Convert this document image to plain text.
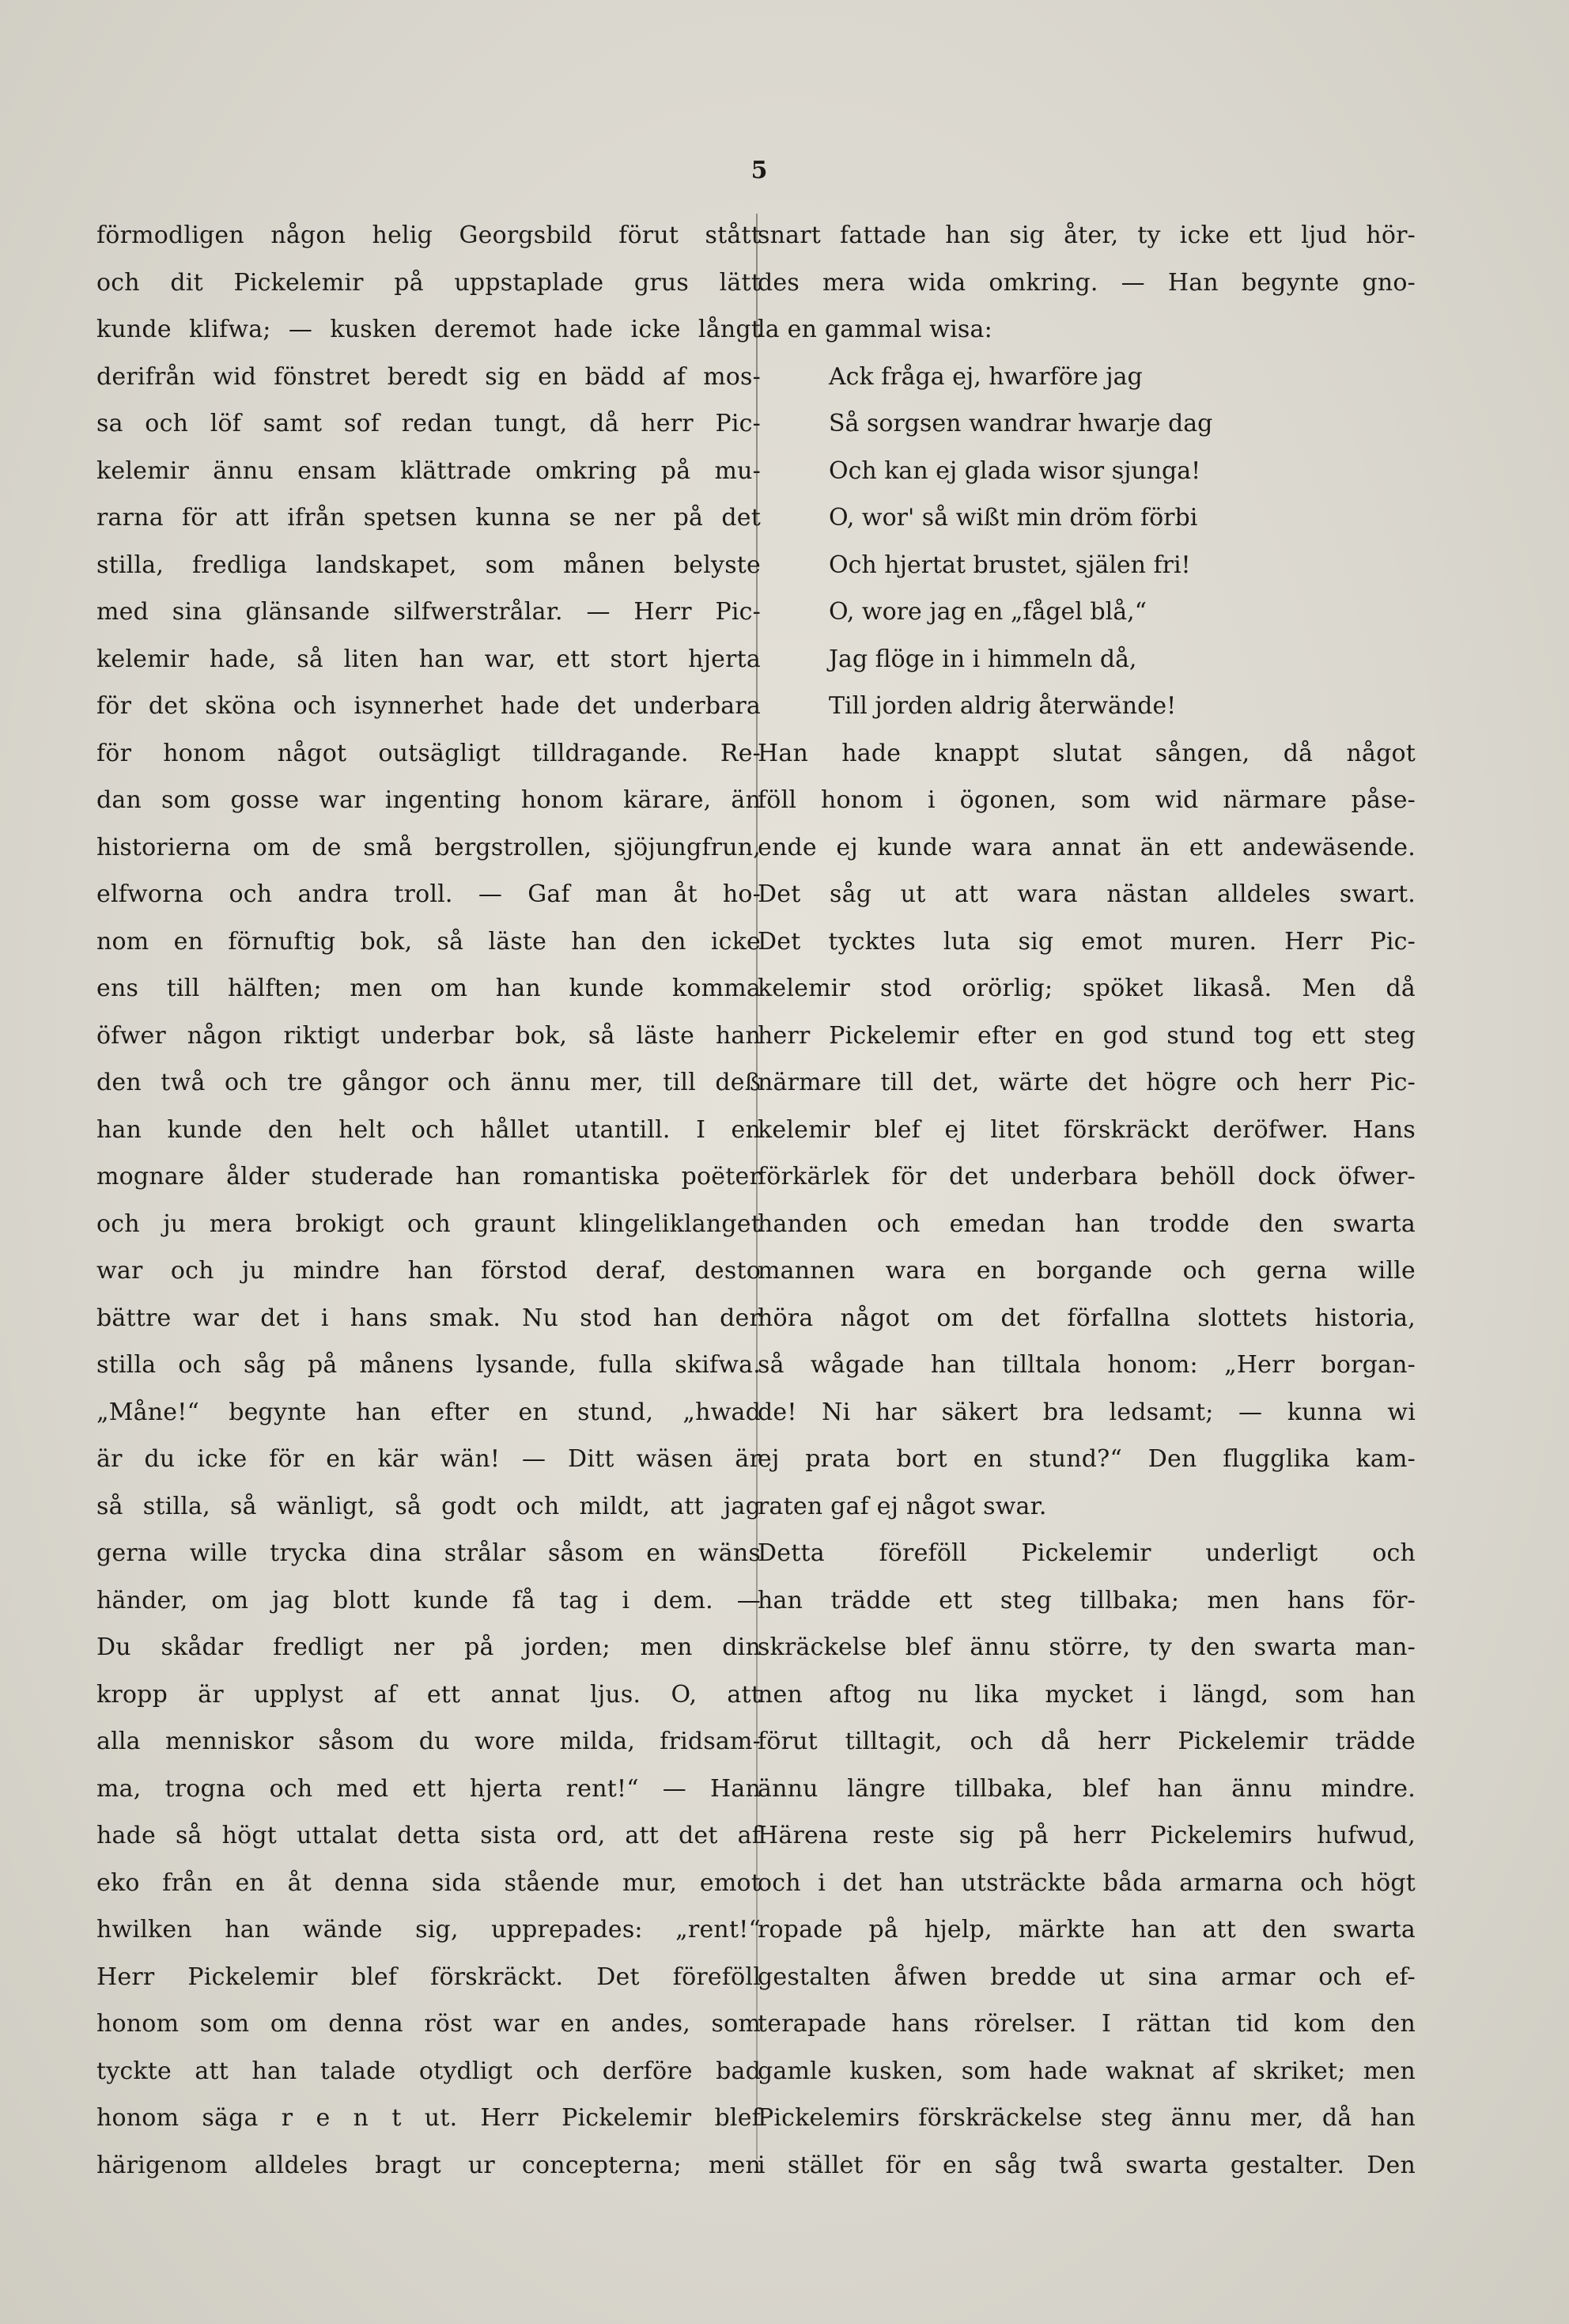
5
förmodligen någon helig Georgsbild förut stått
och dit Pickelemir på uppstaplade grus lätt
kunde klifwa; — kusken deremot hade icke långt
derifrån wid fönstret beredt sig en bädd af mos-
sa och löf samt sof redan tungt, då herr Pic-
kelemir ännu ensam klättrade omkring på mu-
rarna för att ifrån spetsen kunna se ner på det
stilla, fredliga landskapet, som månen belyste
med sina glänsande silfwerstrålar. — Herr Pic-
kelemir hade, så liten han war, ett stort hjerta
för det sköna och isynnerhet hade det underbara
för honom något outsägligt tilldragande. Re-
dan som gosse war ingenting honom kärare, än
historierna om de små bergstrollen, sjöjungfrun,
elfworna och andra troll. — Gaf man åt ho-
nom en förnuftig bok, så läste han den icke
ens till hälften; men om han kunde komma
öfwer någon riktigt underbar bok, så läste han
den twå och tre gångor och ännu mer, till deß
han kunde den helt och hållet utantill. I en
mognare ålder studerade han romantiska poëter
och ju mera brokigt och graunt klingeliklanget
war och ju mindre han förstod deraf, desto
bättre war det i hans smak. Nu stod han der
stilla och såg på månens lysande, fulla skifwa.
„Måne!“ begynte han efter en stund, „hwad
är du icke för en kär wän! — Ditt wäsen är
så stilla, så wänligt, så godt och mildt, att jag
gerna wille trycka dina strålar såsom en wäns
händer, om jag blott kunde få tag i dem. —
Du skådar fredligt ner på jorden; men din
kropp är upplyst af ett annat ljus. O, att
alla menniskor såsom du wore milda, fridsam-
ma, trogna och med ett hjerta rent!“ — Han
hade så högt uttalat detta sista ord, att det af
eko från en åt denna sida stående mur, emot
hwilken han wände sig, upprepades: „rent!“
Herr Pickelemir blef förskräckt. Det föreföll
honom som om denna röst war en andes, som
tyckte att han talade otydligt och derföre bad
honom säga r e n t ut. Herr Pickelemir blef
härigenom alldeles bragt ur concepterna; men
snart fattade han sig åter, ty icke ett ljud hör-
des mera wida omkring. — Han begynte gno-
la en gammal wisa:
Ack fråga ej, hwarföre jag
Så sorgsen wandrar hwarje dag
Och kan ej glada wisor sjunga!
O, wor' så wißt min dröm förbi
Och hjertat brustet, själen fri!
O, wore jag en „fågel blå,“
Jag flöge in i himmeln då,
Till jorden aldrig återwände!
Han hade knappt slutat sången, då något
föll honom i ögonen, som wid närmare påse-
ende ej kunde wara annat än ett andewäsende.
Det såg ut att wara nästan alldeles swart.
Det tycktes luta sig emot muren. Herr Pic-
kelemir stod orörlig; spöket likaså. Men då
herr Pickelemir efter en god stund tog ett steg
närmare till det, wärte det högre och herr Pic-
kelemir blef ej litet förskräckt deröfwer. Hans
förkärlek för det underbara behöll dock öfwer-
handen och emedan han trodde den swarta
mannen wara en borgande och gerna wille
höra något om det förfallna slottets historia,
så wågade han tilltala honom: „Herr borgan-
de! Ni har säkert bra ledsamt; — kunna wi
ej prata bort en stund?“ Den flugglika kam-
raten gaf ej något swar.
Detta föreföll Pickelemir underligt och
han trädde ett steg tillbaka; men hans för-
skräckelse blef ännu större, ty den swarta man-
nen aftog nu lika mycket i längd, som han
förut tilltagit, och då herr Pickelemir trädde
ännu längre tillbaka, blef han ännu mindre.
Härena reste sig på herr Pickelemirs hufwud,
och i det han utsträckte båda armarna och högt
ropade på hjelp, märkte han att den swarta
gestalten åfwen bredde ut sina armar och ef-
terapade hans rörelser. I rättan tid kom den
gamle kusken, som hade waknat af skriket; men
Pickelemirs förskräckelse steg ännu mer, då han
i stället för en såg twå swarta gestalter. Den
